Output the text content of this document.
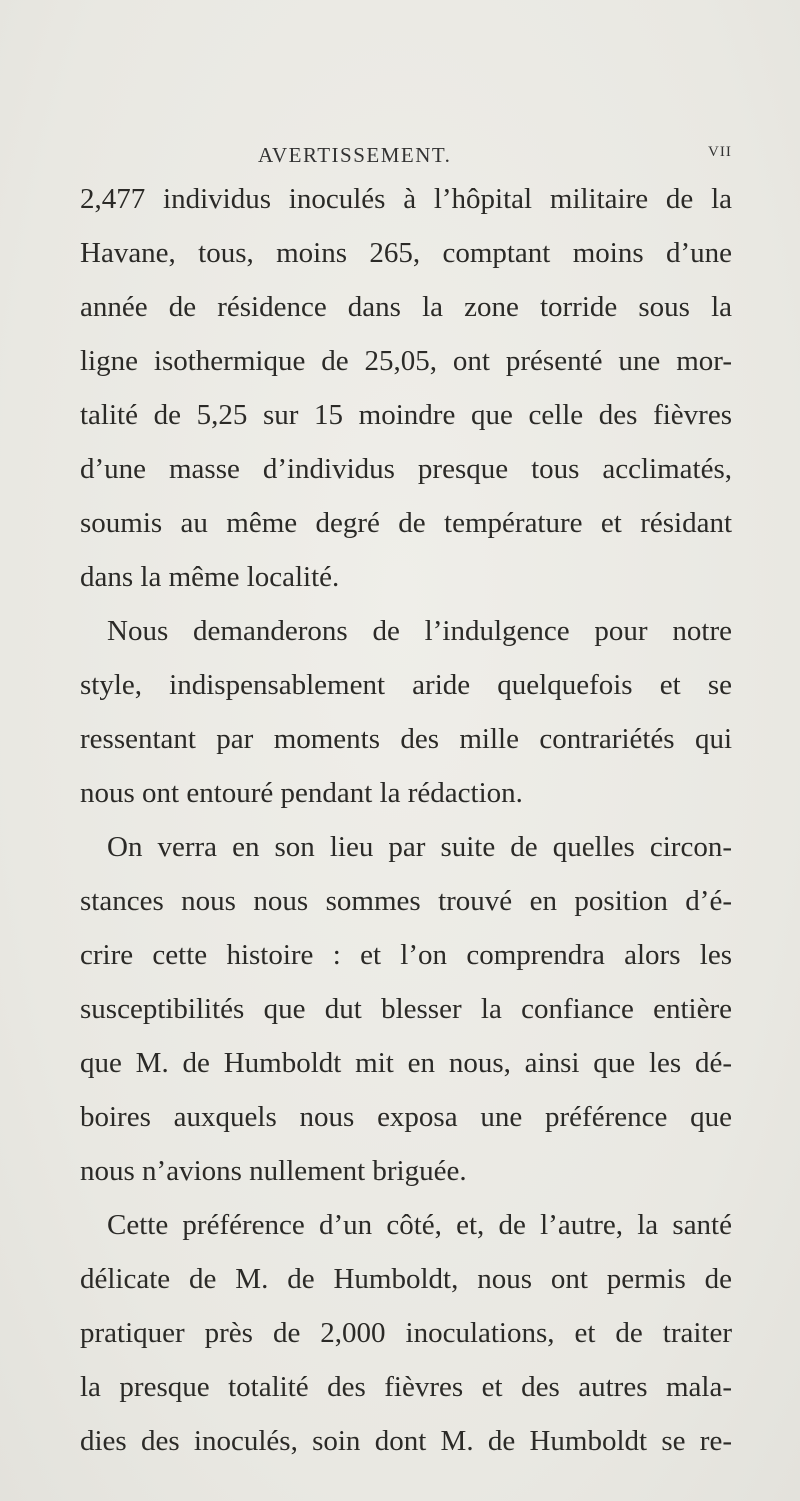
AVERTISSEMENT.	VII
2,477 individus inoculés à l’hôpital militaire de la
Havane, tous, moins 265, comptant moins d’une
année de résidence dans la zone torride sous la
ligne isothermique de 25,05, ont présenté une mor-
talité de 5,25 sur 15 moindre que celle des fièvres
d’une masse d’individus presque tous acclimatés,
soumis au même degré de température et résidant
dans la même localité.
Nous demanderons de l’indulgence pour notre
style, indispensablement aride quelquefois et se
ressentant par moments des mille contrariétés qui
nous ont entouré pendant la rédaction.
On verra en son lieu par suite de quelles circon-
stances nous nous sommes trouvé en position d’é-
crire cette histoire : et l’on comprendra alors les
susceptibilités que dut blesser la confiance entière
que M. de Humboldt mit en nous, ainsi que les dé-
boires auxquels nous exposa une préférence que
nous n’avions nullement briguée.
Cette préférence d’un côté, et, de l’autre, la santé
délicate de M. de Humboldt, nous ont permis de
pratiquer près de 2,000 inoculations, et de traiter
la presque totalité des fièvres et des autres mala-
dies des inoculés, soin dont M. de Humboldt se re-
